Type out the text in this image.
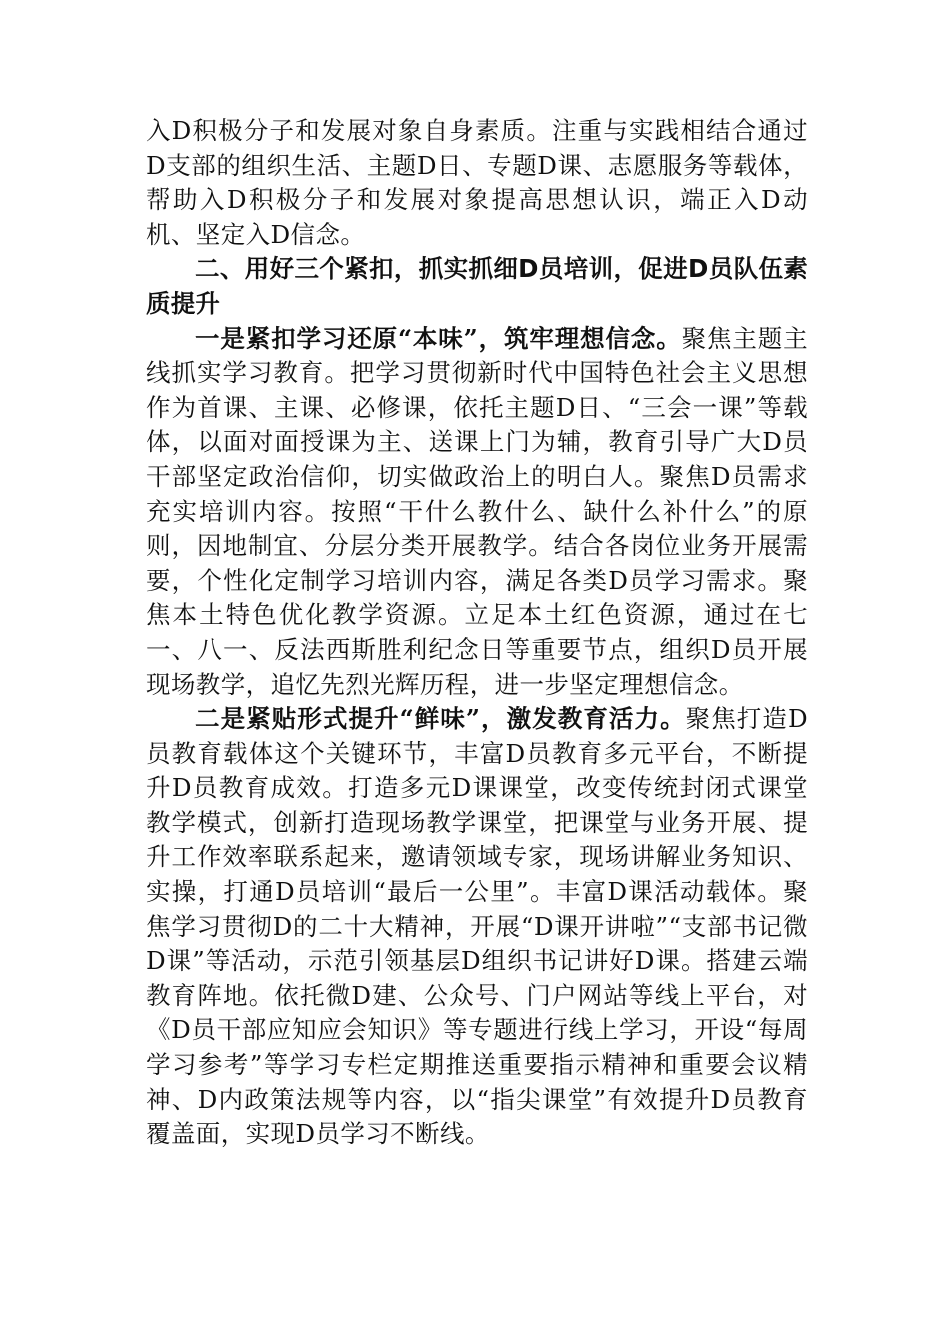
入D积极分子和发展对象自身素质。注重与实践相结合通过D支部的组织生活、主题D日、专题D课、志愿服务等载体，帮助入D积极分子和发展对象提高思想认识，端正入D动机、坚定入D信念。

二、用好三个紧扣，抓实抓细D员培训，促进D员队伍素质提升

一是紧扣学习还原“本味”，筑牢理想信念。聚焦主题主线抓实学习教育。把学习贯彻新时代中国特色社会主义思想作为首课、主课、必修课，依托主题D日、“三会一课”等载体，以面对面授课为主、送课上门为辅，教育引导广大D员干部坚定政治信仰，切实做政治上的明白人。聚焦D员需求充实培训内容。按照“干什么教什么、缺什么补什么”的原则，因地制宜、分层分类开展教学。结合各岗位业务开展需要，个性化定制学习培训内容，满足各类D员学习需求。聚焦本土特色优化教学资源。立足本土红色资源，通过在七一、八一、反法西斯胜利纪念日等重要节点，组织D员开展现场教学，追忆先烈光辉历程，进一步坚定理想信念。

二是紧贴形式提升“鲜味”，激发教育活力。聚焦打造D员教育载体这个关键环节，丰富D员教育多元平台，不断提升D员教育成效。打造多元D课课堂，改变传统封闭式课堂教学模式，创新打造现场教学课堂，把课堂与业务开展、提升工作效率联系起来，邀请领域专家，现场讲解业务知识、实操，打通D员培训“最后一公里”。丰富D课活动载体。聚焦学习贯彻D的二十大精神，开展“D课开讲啦”“支部书记微D课”等活动，示范引领基层D组织书记讲好D课。搭建云端教育阵地。依托微D建、公众号、门户网站等线上平台，对《D员干部应知应会知识》等专题进行线上学习，开设“每周学习参考”等学习专栏定期推送重要指示精神和重要会议精神、D内政策法规等内容，以“指尖课堂”有效提升D员教育覆盖面，实现D员学习不断线。
